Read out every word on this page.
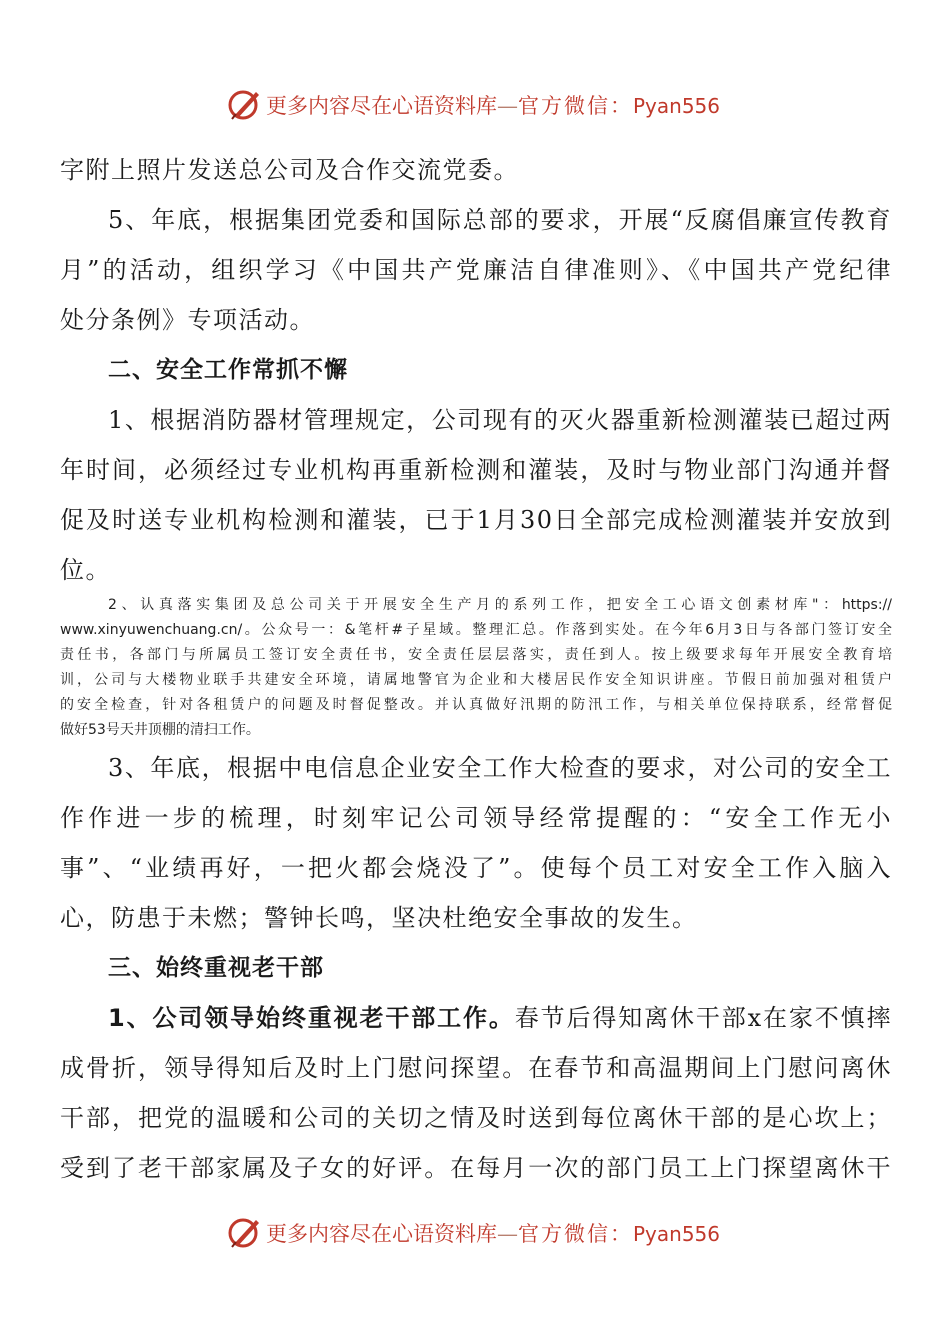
更多内容尽在心语资料库—官方微信：Pyan556
字附上照片发送总公司及合作交流党委。
5、年底，根据集团党委和国际总部的要求，开展“反腐倡廉宣传教育
月”的活动，组织学习《中国共产党廉洁自律准则》、《中国共产党纪律
处分条例》专项活动。
二、安全工作常抓不懈
1、根据消防器材管理规定，公司现有的灭火器重新检测灌装已超过两
年时间，必须经过专业机构再重新检测和灌装，及时与物业部门沟通并督
促及时送专业机构检测和灌装，已于1月30日全部完成检测灌装并安放到
位。
2、认真落实集团及总公司关于开展安全生产月的系列工作，把安全工心语文创素材库"：https://
www.xinyuwenchuang.cn/。公众号一：&笔杆#子星域。整理汇总。作落到实处。在今年6月3日与各部门签订安全
责任书，各部门与所属员工签订安全责任书，安全责任层层落实，责任到人。按上级要求每年开展安全教育培
训，公司与大楼物业联手共建安全环境，请属地警官为企业和大楼居民作安全知识讲座。节假日前加强对租赁户
的安全检查，针对各租赁户的问题及时督促整改。并认真做好汛期的防汛工作，与相关单位保持联系，经常督促
做好53号天井顶棚的清扫工作。
3、年底，根据中电信息企业安全工作大检查的要求，对公司的安全工
作作进一步的梳理，时刻牢记公司领导经常提醒的：“安全工作无小
事”、“业绩再好，一把火都会烧没了”。使每个员工对安全工作入脑入
心，防患于未燃；警钟长鸣，坚决杜绝安全事故的发生。
三、始终重视老干部
1、公司领导始终重视老干部工作。春节后得知离休干部x在家不慎摔
成骨折，领导得知后及时上门慰问探望。在春节和高温期间上门慰问离休
干部，把党的温暖和公司的关切之情及时送到每位离休干部的是心坎上；
受到了老干部家属及子女的好评。在每月一次的部门员工上门探望离休干
更多内容尽在心语资料库—官方微信：Pyan556
